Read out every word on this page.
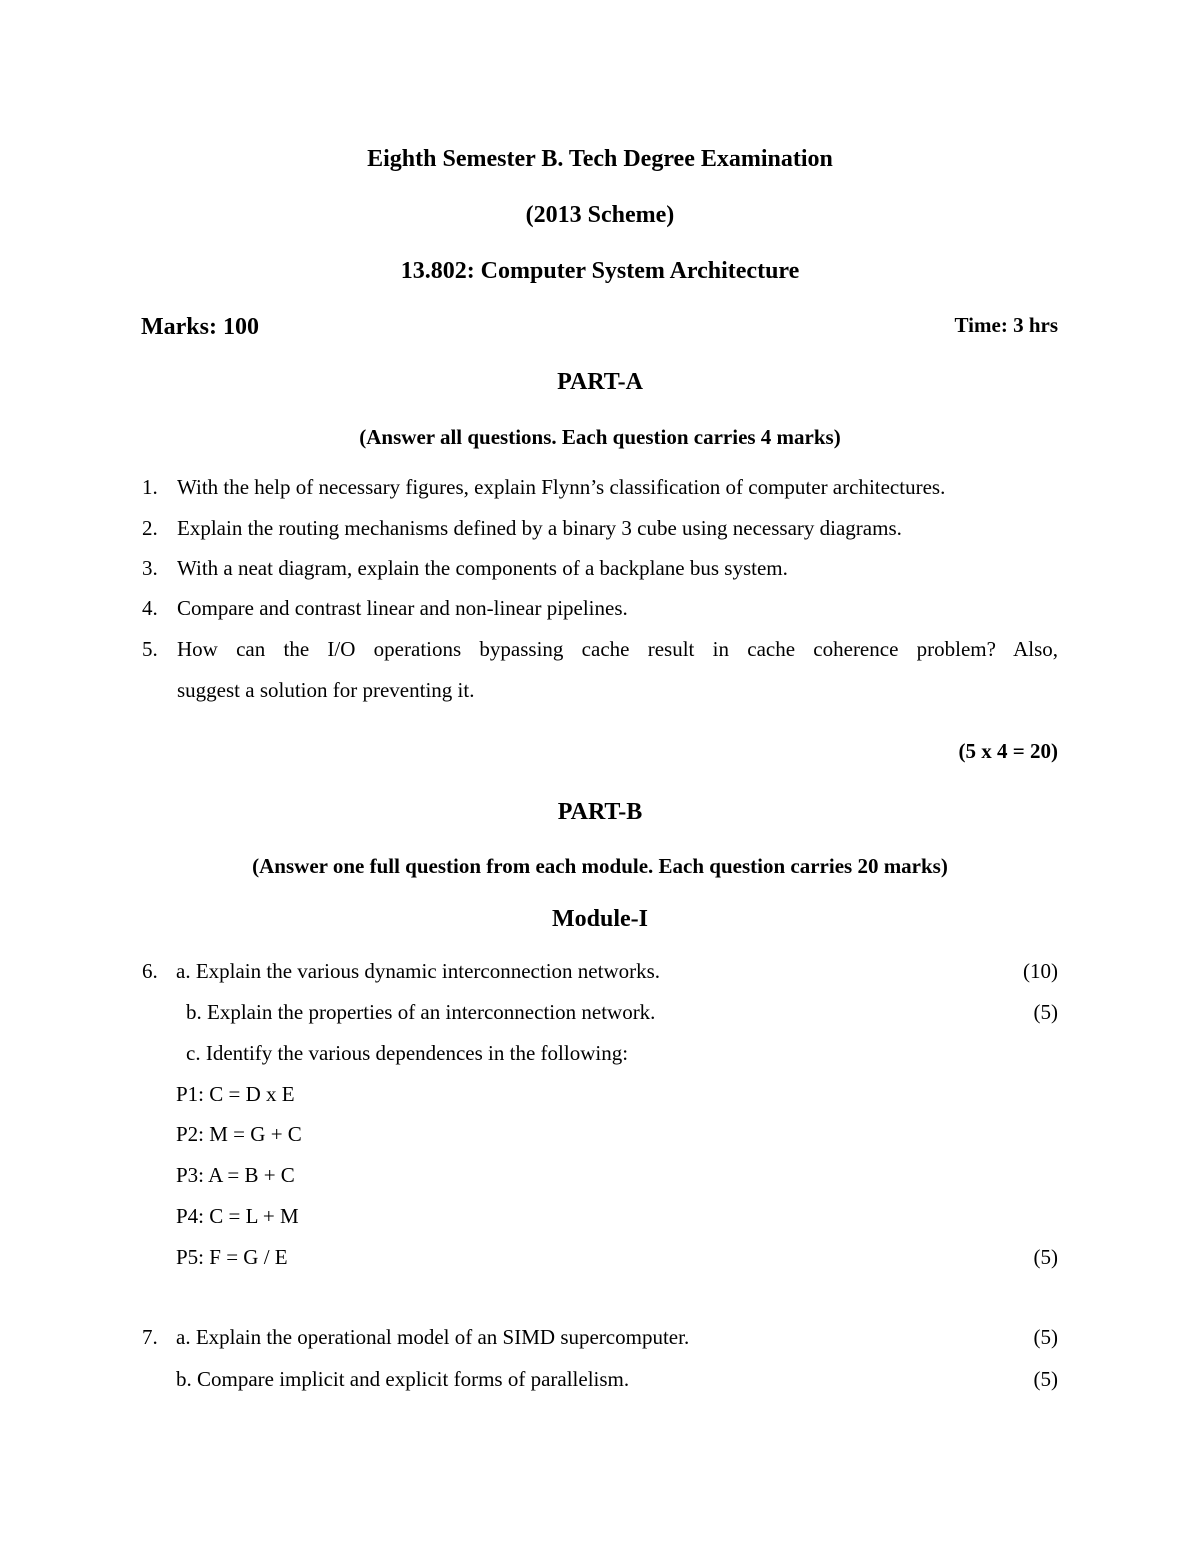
Eighth Semester B. Tech Degree Examination
(2013 Scheme)
13.802: Computer System Architecture
Marks: 100	Time: 3 hrs
PART-A
(Answer all questions. Each question carries 4 marks)
1. With the help of necessary figures, explain Flynn’s classification of computer architectures.
2. Explain the routing mechanisms defined by a binary 3 cube using necessary diagrams.
3. With a neat diagram, explain the components of a backplane bus system.
4. Compare and contrast linear and non-linear pipelines.
5. How can the I/O operations bypassing cache result in cache coherence problem? Also,
suggest a solution for preventing it.
(5 x 4 = 20)
PART-B
(Answer one full question from each module. Each question carries 20 marks)
Module-I
6. a. Explain the various dynamic interconnection networks.	(10)
b. Explain the properties of an interconnection network.	(5)
c. Identify the various dependences in the following:
P1: C = D x E
P2: M = G + C
P3: A = B + C
P4: C = L + M
P5: F = G / E	(5)
7. a. Explain the operational model of an SIMD supercomputer.	(5)
b. Compare implicit and explicit forms of parallelism.	(5)
